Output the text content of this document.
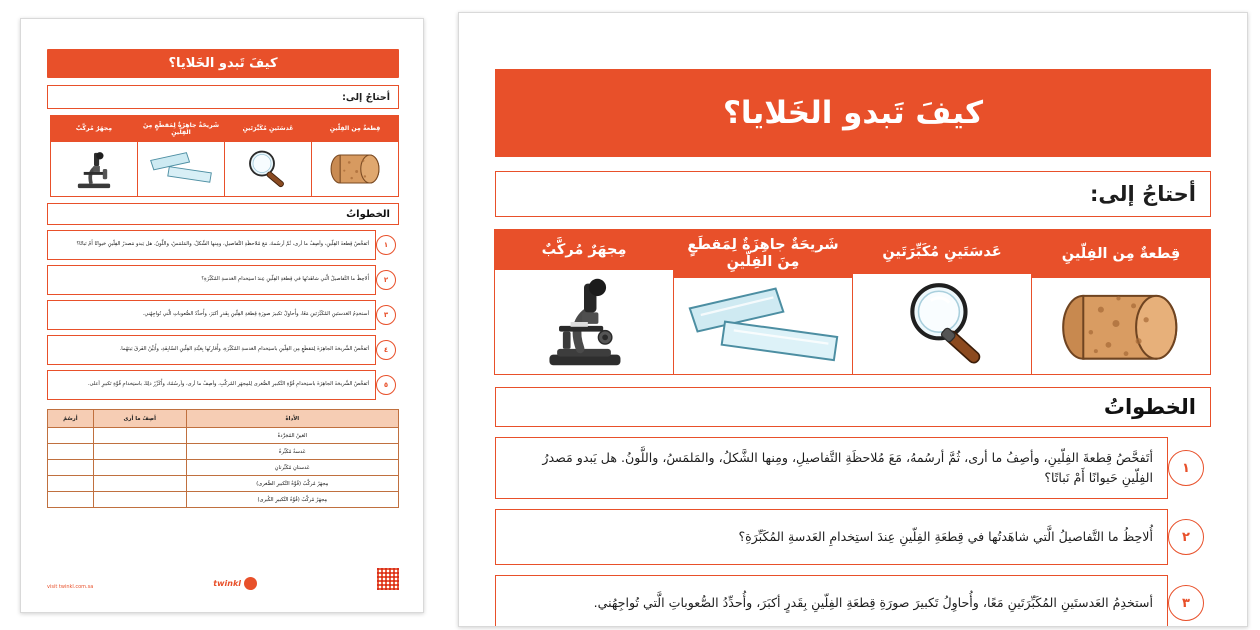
كيفَ تَبدو الخَلايا؟
أحتاجُ إلى:
قِطعةٌ مِن الفِلّينِ
عَدسَتَينِ مُكَبِّرَتَينِ
شَريحَةٌ جاهِزَةٌ لِمَقطَعٍ مِنَ الفِلّينِ
مِجهَرٌ مُركَّبٌ
الخطواتُ
١
أتَفحَّصُ قِطعةَ الفِلّينِ، وأصِفُ ما أرى، ثُمَّ أرسُمهُ، مَعَ مُلاحظَةِ التَّفاصيلِ، ومِنها الشَّكلُ، والمَلمَسُ، واللَّونُ. هل يَبدو مَصدرُ الفِلّينِ حَيوانًا أَمْ نَباتًا؟
٢
أُلاحِظُ ما التَّفاصيلُ الَّتي شاهَدتُها في قِطعَةِ الفِلّينِ عِندَ استِخدامِ العَدسةِ المُكَبِّرَةِ؟
٣
أستخدِمُ العَدستَينِ المُكَبِّرَتَينِ مَعًا، وأُحاوِلُ تَكبيرَ صورَةِ قِطعَةِ الفِلّينِ بِقَدرٍ أكبَرَ، وأُحدِّدُ الصُّعوباتِ الَّتي تُواجِهُني.
٤
أتَفحَّصُ الشَّريحَةَ الجاهِزَةَ لِمَقطَعٍ مِن الفِلّينِ باستِخدامِ العَدسةِ المُكَبِّرَةِ، وأُقارِنُها بِعَيِّنَةِ الفِلّينِ السّابِقَةِ، وأُبَيِّنُ الفَرقَ بَينَهُما.
٥
أتَفحَّصُ الشَّريحَةَ الجاهِزَةَ باستِخدامِ قُوَّةِ التَّكبيرِ الصُّغرى لِلمِجهَرِ المُركَّبِ، وأصِفُ ما أرى، وأرسُمُهُ، وأُكَرِّرُ ذلِكَ باستِخدامِ قُوَّةِ تَكبيرٍ أعلى.
الأداةُ	أصِفُ ما أرى	أرسُمُ
العَينُ المُجَرَّدةُ		
عَدسةٌ مُكَبِّرةٌ		
عَدستانِ مُكَبِّرتانِ		
مِجهَرٌ مُركَّبٌ (قُوَّةُ التَّكبيرِ الصُّغرى)		
مِجهَرٌ مُركَّبٌ (قُوَّةُ التَّكبيرِ الكُبرى)		
twinkl
visit twinkl.com.sa
كيفَ تَبدو الخَلايا؟
أحتاجُ إلى:
قِطعةٌ مِن الفِلّينِ
عَدسَتَينِ مُكَبِّرَتَينِ
شَريحَةٌ جاهِزَةٌ لِمَقطَعٍ مِنَ الفِلّينِ
مِجهَرٌ مُركَّبٌ
الخطواتُ
١
أتَفحَّصُ قِطعةَ الفِلّينِ، وأصِفُ ما أرى، ثُمَّ أرسُمهُ، مَعَ مُلاحظَةِ التَّفاصيلِ، ومِنها الشَّكلُ، والمَلمَسُ، واللَّونُ. هل يَبدو مَصدرُ الفِلّينِ حَيوانًا أَمْ نَباتًا؟
٢
أُلاحِظُ ما التَّفاصيلُ الَّتي شاهَدتُها في قِطعَةِ الفِلّينِ عِندَ استِخدامِ العَدسةِ المُكَبِّرَةِ؟
٣
أستخدِمُ العَدستَينِ المُكَبِّرَتَينِ مَعًا، وأُحاوِلُ تَكبيرَ صورَةِ قِطعَةِ الفِلّينِ بِقَدرٍ أكبَرَ، وأُحدِّدُ الصُّعوباتِ الَّتي تُواجِهُني.
